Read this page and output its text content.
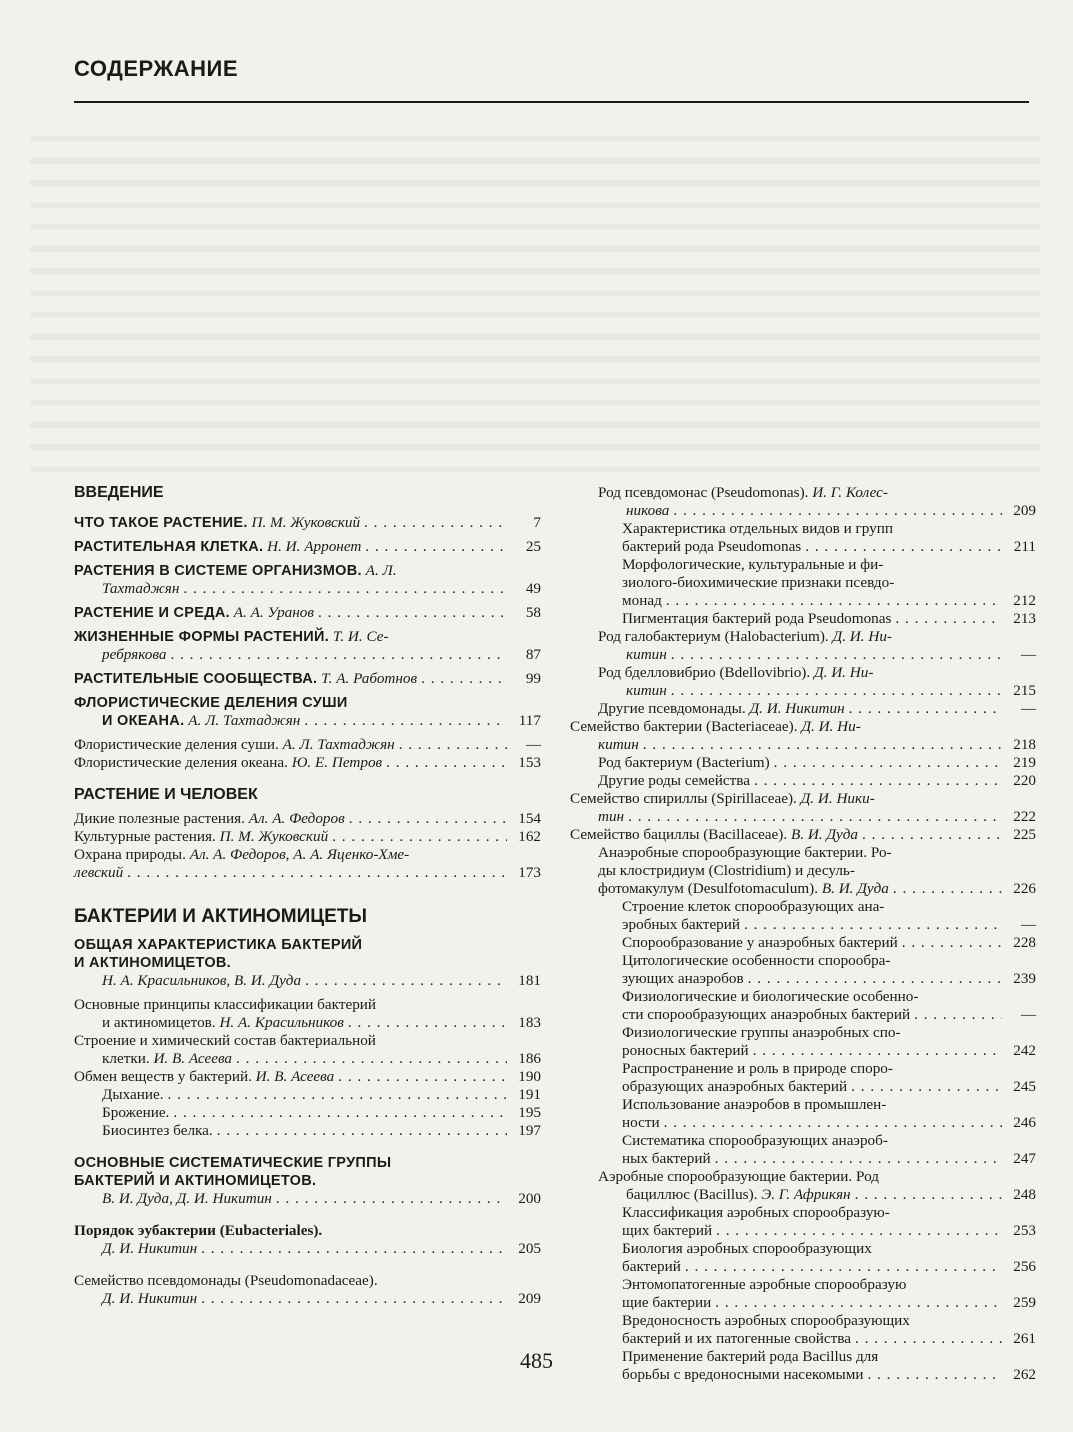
СОДЕРЖАНИЕ
ВВЕДЕНИЕ
ЧТО ТАКОЕ РАСТЕНИЕ.
П. М. Жуковский . . .	7
РАСТИТЕЛЬНАЯ КЛЕТКА.
Н. И. Арронет . . .	25
РАСТЕНИЯ В СИСТЕМЕ ОРГАНИЗМОВ.
А. Л.
Тахтаджян . . .	49
РАСТЕНИЕ И СРЕДА.
А. А. Уранов . . .	58
ЖИЗНЕННЫЕ ФОРМЫ РАСТЕНИЙ.
Т. И. Се-
ребрякова . . .	87
РАСТИТЕЛЬНЫЕ СООБЩЕСТВА.
Т. А. Работнов . . .	99
ФЛОРИСТИЧЕСКИЕ ДЕЛЕНИЯ СУШИ
И ОКЕАНА.
А. Л. Тахтаджян . . .	117
Флористические деления суши.
А. Л. Тахтаджян . . .	—
Флористические деления океана.
Ю. Е. Петров . . .	153
РАСТЕНИЕ И ЧЕЛОВЕК
Дикие полезные растения.
Ал. А. Федоров . . .	154
Культурные растения.
П. М. Жуковский . . .	162
Охрана природы.
Ал. А. Федоров, А. А. Яценко-Хме-
левский . . .	173
БАКТЕРИИ И АКТИНОМИЦЕТЫ
ОБЩАЯ ХАРАКТЕРИСТИКА БАКТЕРИЙ
И АКТИНОМИЦЕТОВ.
Н. А. Красильников, В. И. Дуда . . .	181
Основные принципы классификации бактерий
и актиномицетов.
Н. А. Красильников . . .	183
Строение и химический состав бактериальной
клетки.
И. В. Асеева . . .	186
Обмен веществ у бактерий.
И. В. Асеева . . .	190
Дыхание. . . .	191
Брожение. . . .	195
Биосинтез белка. . . .	197
ОСНОВНЫЕ СИСТЕМАТИЧЕСКИЕ ГРУППЫ
БАКТЕРИЙ И АКТИНОМИЦЕТОВ.
В. И. Дуда, Д. И. Никитин . . .	200
Порядок эубактерии (Eubacteriales).
Д. И. Никитин . . .	205
Семейство псевдомонады (Pseudomonadaceae).
Д. И. Никитин . . .	209
Род псевдомонас (Pseudomonas).
И. Г. Колес-
никова . . .	209
Характеристика отдельных видов и групп
бактерий рода Pseudomonas . . .	211
Морфологические, культуральные и фи-
зиолого-биохимические признаки псевдо-
монад . . .	212
Пигментация бактерий рода Pseudomonas . . .	213
Род галобактериум (Halobacterium).
Д. И. Ни-
китин . . .	—
Род бделловибрио (Bdellovibrio).
Д. И. Ни-
китин . . .	215
Другие псевдомонады.
Д. И. Никитин . . .	—
Семейство бактерии (Bacteriaceae).
Д. И. Ни-
китин . . .	218
Род бактериум (Bacterium) . . .	219
Другие роды семейства . . .	220
Семейство спириллы (Spirillaceae).
Д. И. Ники-
тин . . .	222
Семейство бациллы (Bacillaceae).
В. И. Дуда . . .	225
Анаэробные спорообразующие бактерии. Ро-
ды клостридиум (Clostridium) и десуль-
фотомакулум (Desulfotomaculum).
В. И. Дуда . . .	226
Строение клеток спорообразующих ана-
эробных бактерий . . .	—
Спорообразование у анаэробных бактерий . . .	228
Цитологические особенности спорообра-
зующих анаэробов . . .	239
Физиологические и биологические особенно-
сти спорообразующих анаэробных бактерий . . .	—
Физиологические группы анаэробных спо-
роносных бактерий . . .	242
Распространение и роль в природе споро-
образующих анаэробных бактерий . . .	245
Использование анаэробов в промышлен-
ности . . .	246
Систематика спорообразующих анаэроб-
ных бактерий . . .	247
Аэробные спорообразующие бактерии. Род
бациллюс (Bacillus).
Э. Г. Африкян . . .	248
Классификация аэробных спорообразую-
щих бактерий . . .	253
Биология аэробных спорообразующих
бактерий . . .	256
Энтомопатогенные аэробные спорообразую
щие бактерии . . .	259
Вредоносность аэробных спорообразующих
бактерий и их патогенные свойства . . .	261
Применение бактерий рода Bacillus для
борьбы с вредоносными насекомыми . . .	262
485
